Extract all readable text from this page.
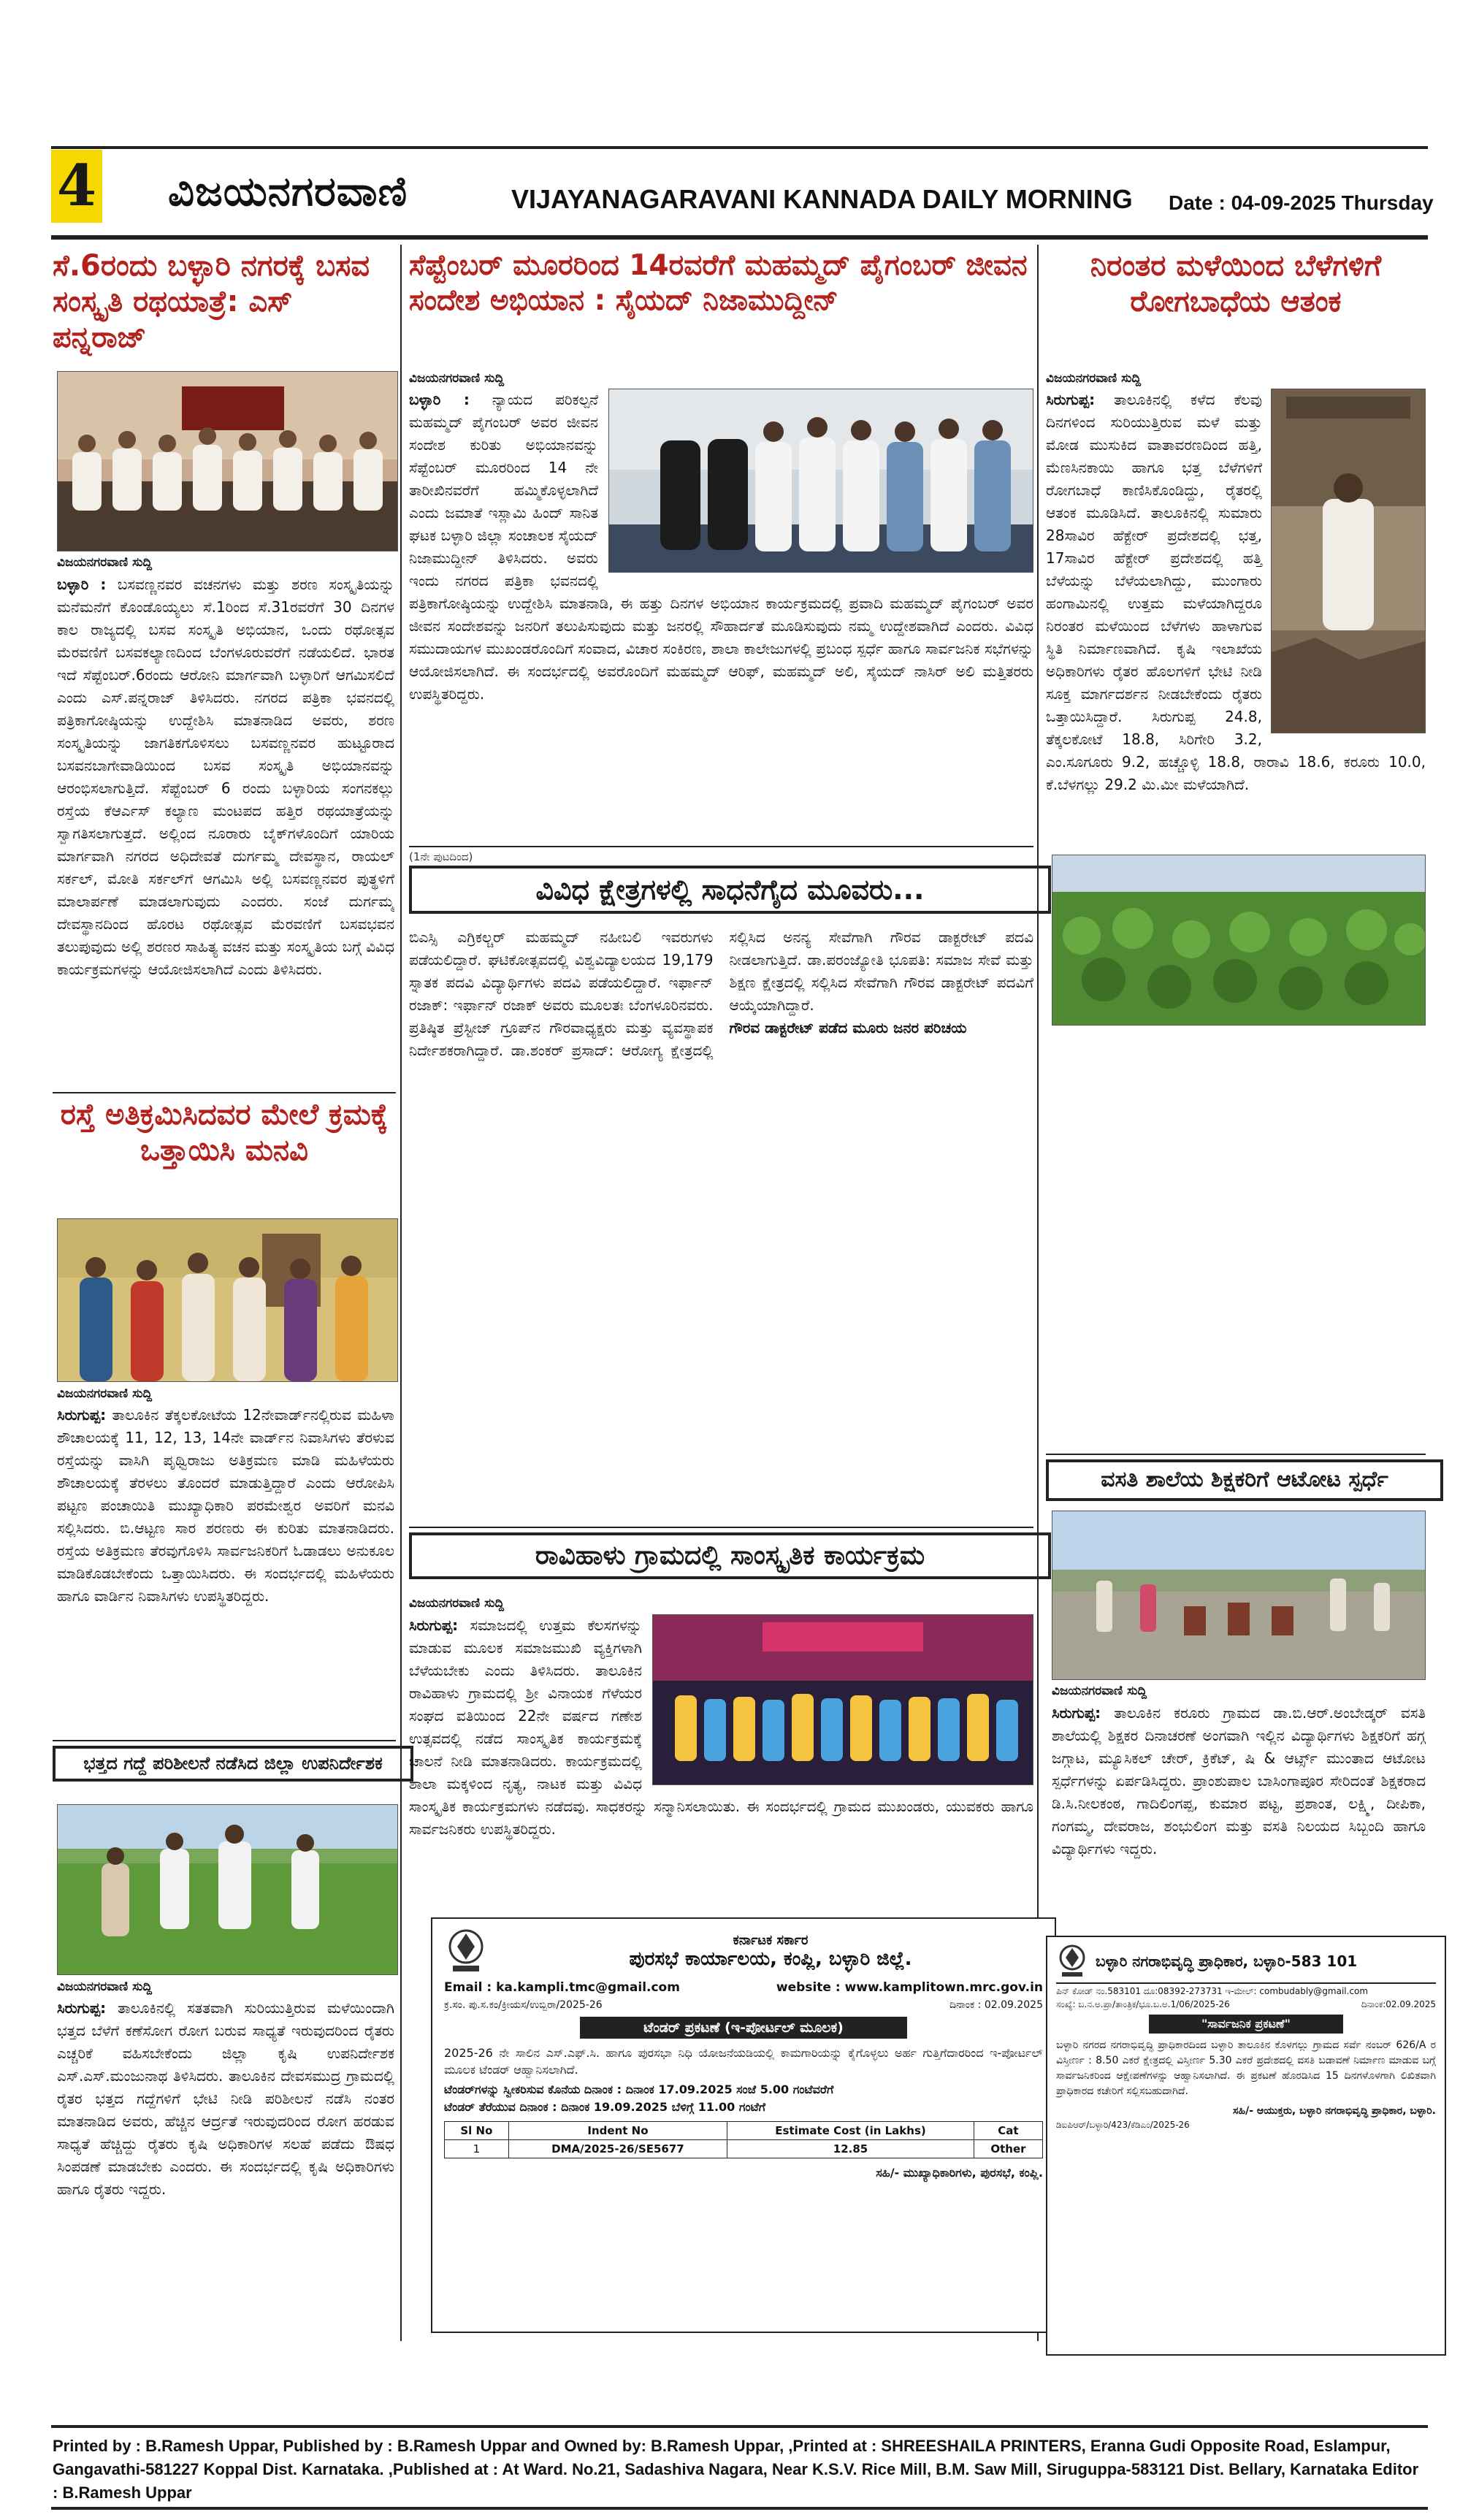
4 ವಿಜಯನಗರವಾಣಿ	VIJAYANAGARAVANI KANNADA DAILY MORNING Date : 04-09-2025 Thursday
ಸೆ.6ರಂದು ಬಳ್ಳಾರಿ ನಗರಕ್ಕೆ ಬಸವ ಸಂಸ್ಕೃತಿ ರಥಯಾತ್ರೆ: ಎಸ್ ಪನ್ನರಾಜ್
ವಿಜಯನಗರವಾಣಿ ಸುದ್ದಿ
ಬಳ್ಳಾರಿ : ಬಸವಣ್ಣನವರ ವಚನಗಳು ಮತ್ತು ಶರಣ ಸಂಸ್ಕೃತಿಯನ್ನು ಮನೆಮನೆಗೆ ಕೊಂಡೊಯ್ಯಲು ಸೆ.1ರಿಂದ ಸೆ.31ರವರೆಗೆ 30 ದಿನಗಳ ಕಾಲ ರಾಜ್ಯದಲ್ಲಿ ಬಸವ ಸಂಸ್ಕೃತಿ ಅಭಿಯಾನ, ಒಂದು ರಥೋತ್ಸವ ಮೆರವಣಿಗೆ ಬಸವಕಲ್ಯಾಣದಿಂದ ಬೆಂಗಳೂರುವರೆಗೆ ನಡೆಯಲಿದೆ. ಭಾರತ ಇದೆ ಸೆಪ್ಟೆಂಬರ್.6ರಂದು ಆರೋನಿ ಮಾರ್ಗವಾಗಿ ಬಳ್ಳಾರಿಗೆ ಆಗಮಿಸಲಿದೆ ಎಂದು ಎಸ್.ಪನ್ನರಾಜ್ ತಿಳಿಸಿದರು. ನಗರದ ಪತ್ರಿಕಾ ಭವನದಲ್ಲಿ ಪತ್ರಿಕಾಗೋಷ್ಠಿಯನ್ನು ಉದ್ದೇಶಿಸಿ ಮಾತನಾಡಿದ ಅವರು, ಶರಣ ಸಂಸ್ಕೃತಿಯನ್ನು ಜಾಗತಿಕಗೊಳಿಸಲು ಬಸವಣ್ಣನವರ ಹುಟ್ಟೂರಾದ ಬಸವನಬಾಗೇವಾಡಿಯಿಂದ ಬಸವ ಸಂಸ್ಕೃತಿ ಅಭಿಯಾನವನ್ನು ಆರಂಭಿಸಲಾಗುತ್ತಿದೆ. ಸೆಪ್ಟೆಂಬರ್ 6 ರಂದು ಬಳ್ಳಾರಿಯ ಸಂಗನಕಲ್ಲು ರಸ್ತೆಯ ಕೆಆರ್ಎಸ್ ಕಲ್ಯಾಣ ಮಂಟಪದ ಹತ್ತಿರ ರಥಯಾತ್ರೆಯನ್ನು ಸ್ವಾಗತಿಸಲಾಗುತ್ತದೆ. ಅಲ್ಲಿಂದ ನೂರಾರು ಬೈಕ್‌ಗಳೊಂದಿಗೆ ಯಾರಿಯ ಮಾರ್ಗವಾಗಿ ನಗರದ ಅಧಿದೇವತೆ ದುರ್ಗಮ್ಮ ದೇವಸ್ಥಾನ, ರಾಯಲ್ ಸರ್ಕಲ್, ಮೋತಿ ಸರ್ಕಲ್‌ಗೆ ಆಗಮಿಸಿ ಅಲ್ಲಿ ಬಸವಣ್ಣನವರ ಪುತ್ಥಳಿಗೆ ಮಾಲಾರ್ಪಣೆ ಮಾಡಲಾಗುವುದು ಎಂದರು. ಸಂಜೆ ದುರ್ಗಮ್ಮ ದೇವಸ್ಥಾನದಿಂದ ಹೊರಟ ರಥೋತ್ಸವ ಮೆರವಣಿಗೆ ಬಸವಭವನ ತಲುಪುವುದು ಅಲ್ಲಿ ಶರಣರ ಸಾಹಿತ್ಯ ವಚನ ಮತ್ತು ಸಂಸ್ಕೃತಿಯ ಬಗ್ಗೆ ವಿವಿಧ ಕಾರ್ಯಕ್ರಮಗಳನ್ನು ಆಯೋಜಿಸಲಾಗಿದೆ ಎಂದು ತಿಳಿಸಿದರು.
ರಸ್ತೆ ಅತಿಕ್ರಮಿಸಿದವರ ಮೇಲೆ ಕ್ರಮಕ್ಕೆ ಒತ್ತಾಯಿಸಿ ಮನವಿ
ವಿಜಯನಗರವಾಣಿ ಸುದ್ದಿ
ಸಿರುಗುಪ್ಪ: ತಾಲೂಕಿನ ತೆಕ್ಕಲಕೋಟೆಯ 12ನೇವಾರ್ಡ್‌ನಲ್ಲಿರುವ ಮಹಿಳಾ ಶೌಚಾಲಯಕ್ಕೆ 11, 12, 13, 14ನೇ ವಾರ್ಡ್‌ನ ನಿವಾಸಿಗಳು ತೆರಳುವ ರಸ್ತೆಯನ್ನು ವಾಸಿಗಿ ಪೃಥ್ವಿರಾಜು ಅತಿಕ್ರಮಣ ಮಾಡಿ ಮಹಿಳೆಯರು ಶೌಚಾಲಯಕ್ಕೆ ತೆರಳಲು ತೊಂದರೆ ಮಾಡುತ್ತಿದ್ದಾರೆ ಎಂದು ಆರೋಪಿಸಿ ಪಟ್ಟಣ ಪಂಚಾಯಿತಿ ಮುಖ್ಯಾಧಿಕಾರಿ ಪರಮೇಶ್ವರ ಅವರಿಗೆ ಮನವಿ ಸಲ್ಲಿಸಿದರು. ಬಿ.ಆಟ್ಟಣ ಸಾರ ಶರಣರು ಈ ಕುರಿತು ಮಾತನಾಡಿದರು. ರಸ್ತೆಯ ಅತಿಕ್ರಮಣ ತೆರವುಗೊಳಿಸಿ ಸಾರ್ವಜನಿಕರಿಗೆ ಓಡಾಡಲು ಅನುಕೂಲ ಮಾಡಿಕೊಡಬೇಕೆಂದು ಒತ್ತಾಯಿಸಿದರು. ಈ ಸಂದರ್ಭದಲ್ಲಿ ಮಹಿಳೆಯರು ಹಾಗೂ ವಾರ್ಡಿನ ನಿವಾಸಿಗಳು ಉಪಸ್ಥಿತರಿದ್ದರು.
ಭತ್ತದ ಗದ್ದೆ ಪರಿಶೀಲನೆ ನಡೆಸಿದ ಜಿಲ್ಲಾ ಉಪನಿರ್ದೇಶಕ
ವಿಜಯನಗರವಾಣಿ ಸುದ್ದಿ
ಸಿರುಗುಪ್ಪ: ತಾಲೂಕಿನಲ್ಲಿ ಸತತವಾಗಿ ಸುರಿಯುತ್ತಿರುವ ಮಳೆಯಿಂದಾಗಿ ಭತ್ತದ ಬೆಳೆಗೆ ಕಣೆಸೋಗ ರೋಗ ಬರುವ ಸಾಧ್ಯತೆ ಇರುವುದರಿಂದ ರೈತರು ಎಚ್ಚರಿಕೆ ವಹಿಸಬೇಕೆಂದು ಜಿಲ್ಲಾ ಕೃಷಿ ಉಪನಿರ್ದೇಶಕ ಎಸ್.ಎಸ್.ಮಂಜುನಾಥ ತಿಳಿಸಿದರು. ತಾಲೂಕಿನ ದೇವಸಮುದ್ರ ಗ್ರಾಮದಲ್ಲಿ ರೈತರ ಭತ್ತದ ಗದ್ದೆಗಳಿಗೆ ಭೇಟಿ ನೀಡಿ ಪರಿಶೀಲನೆ ನಡೆಸಿ ನಂತರ ಮಾತನಾಡಿದ ಅವರು, ಹೆಚ್ಚಿನ ಆರ್ದ್ರತೆ ಇರುವುದರಿಂದ ರೋಗ ಹರಡುವ ಸಾಧ್ಯತೆ ಹೆಚ್ಚಿದ್ದು ರೈತರು ಕೃಷಿ ಅಧಿಕಾರಿಗಳ ಸಲಹೆ ಪಡೆದು ಔಷಧ ಸಿಂಪಡಣೆ ಮಾಡಬೇಕು ಎಂದರು. ಈ ಸಂದರ್ಭದಲ್ಲಿ ಕೃಷಿ ಅಧಿಕಾರಿಗಳು ಹಾಗೂ ರೈತರು ಇದ್ದರು.
ಸೆಪ್ಟೆಂಬರ್ ಮೂರರಿಂದ 14ರವರೆಗೆ ಮಹಮ್ಮದ್ ಪೈಗಂಬರ್ ಜೀವನ ಸಂದೇಶ ಅಭಿಯಾನ : ಸೈಯದ್ ನಿಜಾಮುದ್ದೀನ್
ವಿಜಯನಗರವಾಣಿ ಸುದ್ದಿ
ಬಳ್ಳಾರಿ : ನ್ಯಾಯದ ಪರಿಕಲ್ಪನೆ ಮಹಮ್ಮದ್ ಪೈಗಂಬರ್ ಅವರ ಜೀವನ ಸಂದೇಶ ಕುರಿತು ಅಭಿಯಾನವನ್ನು ಸೆಪ್ಟೆಂಬರ್ ಮೂರರಿಂದ 14 ನೇ ತಾರೀಖಿನವರೆಗೆ ಹಮ್ಮಿಕೊಳ್ಳಲಾಗಿದೆ ಎಂದು ಜಮಾತೆ ಇಸ್ಲಾಮಿ ಹಿಂದ್ ಸಾನಿತ ಘಟಕ ಬಳ್ಳಾರಿ ಜಿಲ್ಲಾ ಸಂಚಾಲಕ ಸೈಯದ್ ನಿಜಾಮುದ್ದೀನ್ ತಿಳಿಸಿದರು. ಅವರು ಇಂದು ನಗರದ ಪತ್ರಿಕಾ ಭವನದಲ್ಲಿ ಪತ್ರಿಕಾಗೋಷ್ಠಿಯನ್ನು ಉದ್ದೇಶಿಸಿ ಮಾತನಾಡಿ, ಈ ಹತ್ತು ದಿನಗಳ ಅಭಿಯಾನ ಕಾರ್ಯಕ್ರಮದಲ್ಲಿ ಪ್ರವಾದಿ ಮಹಮ್ಮದ್ ಪೈಗಂಬರ್ ಅವರ ಜೀವನ ಸಂದೇಶವನ್ನು ಜನರಿಗೆ ತಲುಪಿಸುವುದು ಮತ್ತು ಜನರಲ್ಲಿ ಸೌಹಾರ್ದತೆ ಮೂಡಿಸುವುದು ನಮ್ಮ ಉದ್ದೇಶವಾಗಿದೆ ಎಂದರು. ವಿವಿಧ ಸಮುದಾಯಗಳ ಮುಖಂಡರೊಂದಿಗೆ ಸಂವಾದ, ವಿಚಾರ ಸಂಕಿರಣ, ಶಾಲಾ ಕಾಲೇಜುಗಳಲ್ಲಿ ಪ್ರಬಂಧ ಸ್ಪರ್ಧೆ ಹಾಗೂ ಸಾರ್ವಜನಿಕ ಸಭೆಗಳನ್ನು ಆಯೋಜಿಸಲಾಗಿದೆ. ಈ ಸಂದರ್ಭದಲ್ಲಿ ಅವರೊಂದಿಗೆ ಮಹಮ್ಮದ್ ಆರಿಫ್, ಮಹಮ್ಮದ್ ಅಲಿ, ಸೈಯದ್ ನಾಸಿರ್ ಅಲಿ ಮತ್ತಿತರರು ಉಪಸ್ಥಿತರಿದ್ದರು.
(1ನೇ ಪುಟದಿಂದ)
ವಿವಿಧ ಕ್ಷೇತ್ರಗಳಲ್ಲಿ ಸಾಧನೆಗೈದ ಮೂವರು...
ಬಿಎಸ್ಸಿ ಎಗ್ರಿಕಲ್ಚರ್ ಮಹಮ್ಮದ್ ನಹೀಬಲಿ ಇವರುಗಳು ಪಡೆಯಲಿದ್ದಾರೆ. ಘಟಿಕೋತ್ಸವದಲ್ಲಿ ವಿಶ್ವವಿದ್ಯಾಲಯದ 19,179 ಸ್ನಾತಕ ಪದವಿ ವಿದ್ಯಾರ್ಥಿಗಳು ಪದವಿ ಪಡೆಯಲಿದ್ದಾರೆ. ಇರ್ಫಾನ್ ರಜಾಕ್: ಇರ್ಫಾನ್ ರಜಾಕ್ ಅವರು ಮೂಲತಃ ಬೆಂಗಳೂರಿನವರು. ಪ್ರತಿಷ್ಠಿತ ಪ್ರೆಸ್ಟೀಜ್ ಗ್ರೂಪ್‌ನ ಗೌರವಾಧ್ಯಕ್ಷರು ಮತ್ತು ವ್ಯವಸ್ಥಾಪಕ ನಿರ್ದೇಶಕರಾಗಿದ್ದಾರೆ. ಡಾ.ಶಂಕರ್ ಪ್ರಸಾದ್: ಆರೋಗ್ಯ ಕ್ಷೇತ್ರದಲ್ಲಿ ಸಲ್ಲಿಸಿದ ಅನನ್ಯ ಸೇವೆಗಾಗಿ ಗೌರವ ಡಾಕ್ಟರೇಟ್ ಪದವಿ ನೀಡಲಾಗುತ್ತಿದೆ. ಡಾ.ಪರಂಜ್ಯೋತಿ ಭೂಪತಿ: ಸಮಾಜ ಸೇವೆ ಮತ್ತು ಶಿಕ್ಷಣ ಕ್ಷೇತ್ರದಲ್ಲಿ ಸಲ್ಲಿಸಿದ ಸೇವೆಗಾಗಿ ಗೌರವ ಡಾಕ್ಟರೇಟ್ ಪದವಿಗೆ ಆಯ್ಕೆಯಾಗಿದ್ದಾರೆ.
ಗೌರವ ಡಾಕ್ಟರೇಟ್ ಪಡೆದ ಮೂರು ಜನರ ಪರಿಚಯ
ರಾವಿಹಾಳು ಗ್ರಾಮದಲ್ಲಿ ಸಾಂಸ್ಕೃತಿಕ ಕಾರ್ಯಕ್ರಮ
ವಿಜಯನಗರವಾಣಿ ಸುದ್ದಿ
ಸಿರುಗುಪ್ಪ: ಸಮಾಜದಲ್ಲಿ ಉತ್ತಮ ಕೆಲಸಗಳನ್ನು ಮಾಡುವ ಮೂಲಕ ಸಮಾಜಮುಖಿ ವ್ಯಕ್ತಿಗಳಾಗಿ ಬೆಳೆಯಬೇಕು ಎಂದು ತಿಳಿಸಿದರು. ತಾಲೂಕಿನ ರಾವಿಹಾಳು ಗ್ರಾಮದಲ್ಲಿ ಶ್ರೀ ವಿನಾಯಕ ಗೆಳೆಯರ ಸಂಘದ ವತಿಯಿಂದ 22ನೇ ವರ್ಷದ ಗಣೇಶ ಉತ್ಸವದಲ್ಲಿ ನಡೆದ ಸಾಂಸ್ಕೃತಿಕ ಕಾರ್ಯಕ್ರಮಕ್ಕೆ ಚಾಲನೆ ನೀಡಿ ಮಾತನಾಡಿದರು. ಕಾರ್ಯಕ್ರಮದಲ್ಲಿ ಶಾಲಾ ಮಕ್ಕಳಿಂದ ನೃತ್ಯ, ನಾಟಕ ಮತ್ತು ವಿವಿಧ ಸಾಂಸ್ಕೃತಿಕ ಕಾರ್ಯಕ್ರಮಗಳು ನಡೆದವು. ಸಾಧಕರನ್ನು ಸನ್ಮಾನಿಸಲಾಯಿತು. ಈ ಸಂದರ್ಭದಲ್ಲಿ ಗ್ರಾಮದ ಮುಖಂಡರು, ಯುವಕರು ಹಾಗೂ ಸಾರ್ವಜನಿಕರು ಉಪಸ್ಥಿತರಿದ್ದರು.
ಕರ್ನಾಟಕ ಸರ್ಕಾರ
ಪುರಸಭೆ ಕಾರ್ಯಾಲಯ, ಕಂಪ್ಲಿ, ಬಳ್ಳಾರಿ ಜಿಲ್ಲೆ.
Email : ka.kampli.tmc@gmail.com	website : www.kamplitown.mrc.gov.in
ಕ್ರ.ಸಂ. ಪು.ಸ.ಕಂ/ಕ್ರೀಯಸ/ಉಬ್ಬಿರಾ/2025-26	ದಿನಾಂಕ : 02.09.2025
ಟೆಂಡರ್ ಪ್ರಕಟಣೆ (ಇ-ಪೋರ್ಟಲ್ ಮೂಲಕ)
2025-26 ನೇ ಸಾಲಿನ ಎಸ್.ಎಫ್.ಸಿ. ಹಾಗೂ ಪುರಸಭಾ ನಿಧಿ ಯೋಜನೆಯಡಿಯಲ್ಲಿ ಕಾಮಗಾರಿಯನ್ನು ಕೈಗೊಳ್ಳಲು ಅರ್ಹ ಗುತ್ತಿಗೆದಾರರಿಂದ ಇ-ಪೋರ್ಟಲ್ ಮೂಲಕ ಟೆಂಡರ್ ಆಹ್ವಾನಿಸಲಾಗಿದೆ.
ಟೆಂಡರ್‌ಗಳನ್ನು ಸ್ವೀಕರಿಸುವ ಕೊನೆಯ ದಿನಾಂಕ : ದಿನಾಂಕ 17.09.2025 ಸಂಜೆ 5.00 ಗಂಟೆವರೆಗೆ
ಟೆಂಡರ್ ತೆರೆಯುವ ದಿನಾಂಕ : ದಿನಾಂಕ 19.09.2025 ಬೆಳಿಗ್ಗೆ 11.00 ಗಂಟೆಗೆ
Sl No	Indent No	Estimate Cost (in Lakhs)	Cat
1	DMA/2025-26/SE5677	12.85	Other
ಸಹಿ/- ಮುಖ್ಯಾಧಿಕಾರಿಗಳು, ಪುರಸಭೆ, ಕಂಪ್ಲಿ.
ನಿರಂತರ ಮಳೆಯಿಂದ ಬೆಳೆಗಳಿಗೆ ರೋಗಬಾಧೆಯ ಆತಂಕ
ವಿಜಯನಗರವಾಣಿ ಸುದ್ದಿ
ಸಿರುಗುಪ್ಪ: ತಾಲೂಕಿನಲ್ಲಿ ಕಳೆದ ಕೆಲವು ದಿನಗಳಿಂದ ಸುರಿಯುತ್ತಿರುವ ಮಳೆ ಮತ್ತು ಮೋಡ ಮುಸುಕಿದ ವಾತಾವರಣದಿಂದ ಹತ್ತಿ, ಮೆಣಸಿನಕಾಯಿ ಹಾಗೂ ಭತ್ತ ಬೆಳೆಗಳಿಗೆ ರೋಗಬಾಧೆ ಕಾಣಿಸಿಕೊಂಡಿದ್ದು, ರೈತರಲ್ಲಿ ಆತಂಕ ಮೂಡಿಸಿದೆ. ತಾಲೂಕಿನಲ್ಲಿ ಸುಮಾರು 28ಸಾವಿರ ಹೆಕ್ಟೇರ್ ಪ್ರದೇಶದಲ್ಲಿ ಭತ್ತ, 17ಸಾವಿರ ಹೆಕ್ಟೇರ್ ಪ್ರದೇಶದಲ್ಲಿ ಹತ್ತಿ ಬೆಳೆಯನ್ನು ಬೆಳೆಯಲಾಗಿದ್ದು, ಮುಂಗಾರು ಹಂಗಾಮಿನಲ್ಲಿ ಉತ್ತಮ ಮಳೆಯಾಗಿದ್ದರೂ ನಿರಂತರ ಮಳೆಯಿಂದ ಬೆಳೆಗಳು ಹಾಳಾಗುವ ಸ್ಥಿತಿ ನಿರ್ಮಾಣವಾಗಿದೆ. ಕೃಷಿ ಇಲಾಖೆಯ ಅಧಿಕಾರಿಗಳು ರೈತರ ಹೊಲಗಳಿಗೆ ಭೇಟಿ ನೀಡಿ ಸೂಕ್ತ ಮಾರ್ಗದರ್ಶನ ನೀಡಬೇಕೆಂದು ರೈತರು ಒತ್ತಾಯಿಸಿದ್ದಾರೆ. ಸಿರುಗುಪ್ಪ 24.8, ತೆಕ್ಕಲಕೋಟೆ 18.8, ಸಿರಿಗೇರಿ 3.2, ಎಂ.ಸೂಗೂರು 9.2, ಹಚ್ಚೊಳ್ಳಿ 18.8, ರಾರಾವಿ 18.6, ಕರೂರು 10.0, ಕೆ.ಬೆಳಗಲ್ಲು 29.2 ಮಿ.ಮೀ ಮಳೆಯಾಗಿದೆ.
ವಸತಿ ಶಾಲೆಯ ಶಿಕ್ಷಕರಿಗೆ ಆಟೋಟ ಸ್ಪರ್ಧೆ
ವಿಜಯನಗರವಾಣಿ ಸುದ್ದಿ
ಸಿರುಗುಪ್ಪ: ತಾಲೂಕಿನ ಕರೂರು ಗ್ರಾಮದ ಡಾ.ಬಿ.ಆರ್.ಅಂಬೇಡ್ಕರ್ ವಸತಿ ಶಾಲೆಯಲ್ಲಿ ಶಿಕ್ಷಕರ ದಿನಾಚರಣೆ ಅಂಗವಾಗಿ ಇಲ್ಲಿನ ವಿದ್ಯಾರ್ಥಿಗಳು ಶಿಕ್ಷಕರಿಗೆ ಹಗ್ಗ ಜಗ್ಗಾಟ, ಮ್ಯೂಸಿಕಲ್ ಚೇರ್, ಕ್ರಿಕೆಟ್, ಷಿ & ಆರ್ಟ್ಸ್ ಮುಂತಾದ ಆಟೋಟ ಸ್ಪರ್ಧೆಗಳನ್ನು ಏರ್ಪಡಿಸಿದ್ದರು. ಪ್ರಾಂಶುಪಾಲ ಬಾಸಿಂಗಾಪೂರ ಸೇರಿದಂತೆ ಶಿಕ್ಷಕರಾದ ಡಿ.ಸಿ.ನೀಲಕಂಠ, ಗಾದಿಲಿಂಗಪ್ಪ, ಕುಮಾರ ಪಟ್ಟ, ಪ್ರಶಾಂತ, ಲಕ್ಷ್ಮಿ, ದೀಪಿಕಾ, ಗಂಗಮ್ಮ, ದೇವರಾಜ, ಶಂಭುಲಿಂಗ ಮತ್ತು ವಸತಿ ನಿಲಯದ ಸಿಬ್ಬಂದಿ ಹಾಗೂ ವಿದ್ಯಾರ್ಥಿಗಳು ಇದ್ದರು.
ಬಳ್ಳಾರಿ ನಗರಾಭಿವೃದ್ಧಿ ಪ್ರಾಧಿಕಾರ, ಬಳ್ಳಾರಿ-583 101
ಪಿನ್ ಕೋಡ್ ನಂ.583101 ದೂ:08392-273731 ಇ-ಮೇಲ್: combudably@gmail.com
ಸಂಖ್ಯೆ: ಬ.ನ.ಅ.ಪ್ರಾ/ತಾಂತ್ರಿಕ/ಭೂ.ಬ.ಅ.1/06/2025-26	ದಿನಾಂಕ:02.09.2025
"ಸಾರ್ವಜನಿಕ ಪ್ರಕಟಣೆ"
ಬಳ್ಳಾರಿ ನಗರದ ನಗರಾಭಿವೃದ್ಧಿ ಪ್ರಾಧಿಕಾರದಿಂದ ಬಳ್ಳಾರಿ ತಾಲೂಕಿನ ಕೊಳಗಲ್ಲು ಗ್ರಾಮದ ಸರ್ವೆ ನಂಬರ್ 626/A ರ ವಿಸ್ತೀರ್ಣ : 8.50 ಎಕರೆ ಕ್ಷೇತ್ರದಲ್ಲಿ ವಿಸ್ತೀರ್ಣ 5.30 ಎಕರೆ ಪ್ರದೇಶದಲ್ಲಿ ವಸತಿ ಬಡಾವಣೆ ನಿರ್ಮಾಣ ಮಾಡುವ ಬಗ್ಗೆ ಸಾರ್ವಜನಿಕರಿಂದ ಆಕ್ಷೇಪಣೆಗಳನ್ನು ಆಹ್ವಾನಿಸಲಾಗಿದೆ. ಈ ಪ್ರಕಟಣೆ ಹೊರಡಿಸಿದ 15 ದಿನಗಳೊಳಗಾಗಿ ಲಿಖಿತವಾಗಿ ಪ್ರಾಧಿಕಾರದ ಕಚೇರಿಗೆ ಸಲ್ಲಿಸಬಹುದಾಗಿದೆ.
ಸಹಿ/- ಆಯುಕ್ತರು, ಬಳ್ಳಾರಿ ನಗರಾಭಿವೃದ್ಧಿ ಪ್ರಾಧಿಕಾರ, ಬಳ್ಳಾರಿ.
ಡಿಐಪಿಆರ್/ಬಳ್ಳಾರಿ/423/ಕೆಡಿಎಂ/2025-26
Printed by : B.Ramesh Uppar, Published by : B.Ramesh Uppar and Owned by: B.Ramesh Uppar, ,Printed at : SHREESHAILA PRINTERS, Eranna Gudi Opposite Road, Eslampur, Gangavathi-581227 Koppal Dist. Karnataka. ,Published at : At Ward. No.21, Sadashiva Nagara, Near K.S.V. Rice Mill, B.M. Saw Mill, Siruguppa-583121 Dist. Bellary, Karnataka Editor : B.Ramesh Uppar
